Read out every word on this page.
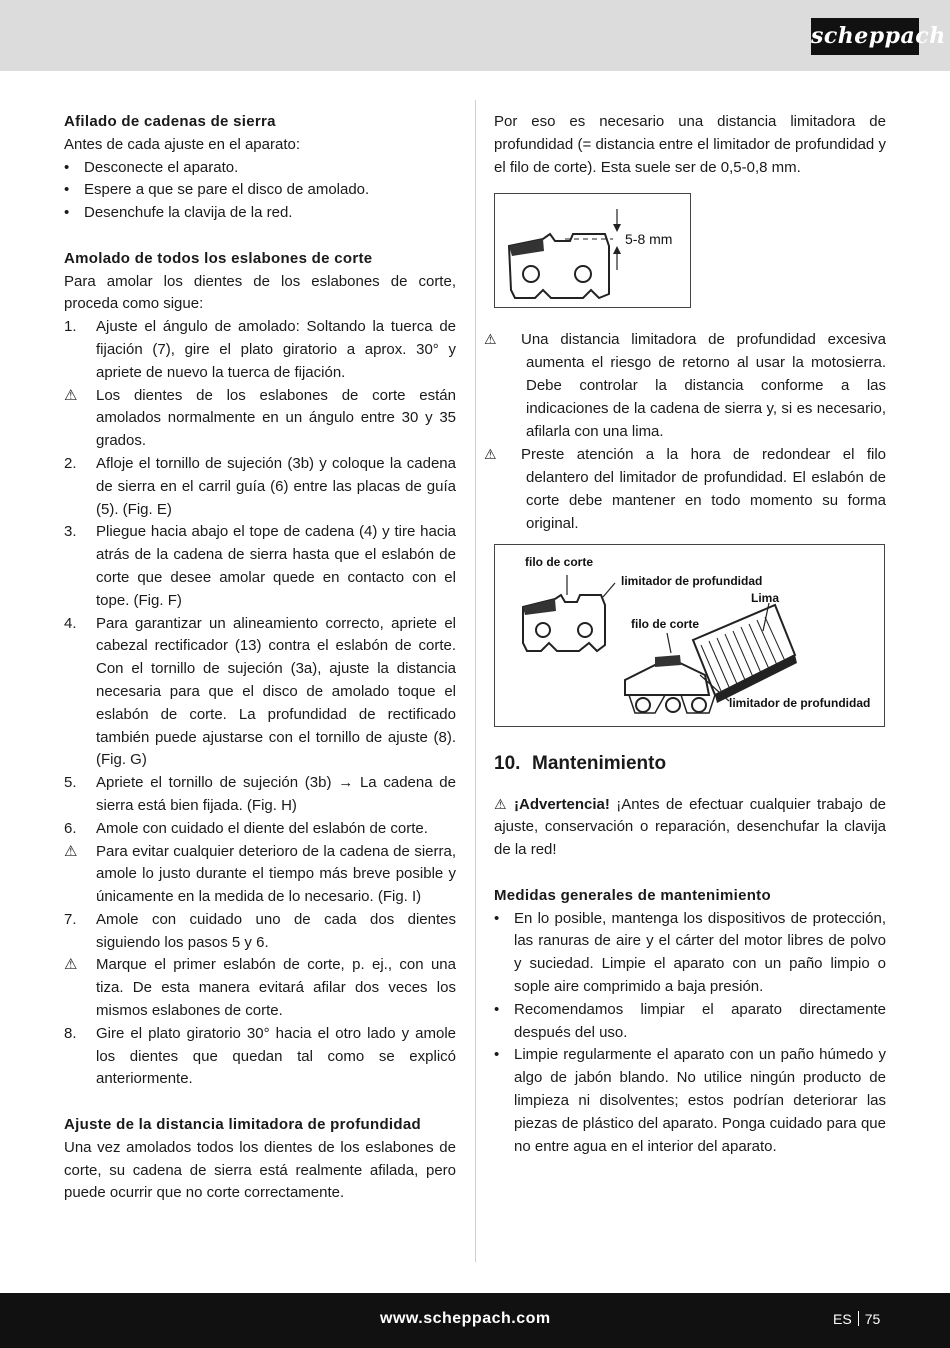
scheppach
Afilado de cadenas de sierra
Antes de cada ajuste en el aparato:
• Desconecte el aparato.
• Espere a que se pare el disco de amolado.
• Desenchufe la clavija de la red.
Amolado de todos los eslabones de corte
Para amolar los dientes de los eslabones de corte, proceda como sigue:
1. Ajuste el ángulo de amolado: Soltando la tuerca de fijación (7), gire el plato giratorio a aprox. 30° y apriete de nuevo la tuerca de fijación.
⚠ Los dientes de los eslabones de corte están amolados normalmente en un ángulo entre 30 y 35 grados.
2. Afloje el tornillo de sujeción (3b) y coloque la cadena de sierra en el carril guía (6) entre las placas de guía (5). (Fig. E)
3. Pliegue hacia abajo el tope de cadena (4) y tire hacia atrás de la cadena de sierra hasta que el eslabón de corte que desee amolar quede en contacto con el tope. (Fig. F)
4. Para garantizar un alineamiento correcto, apriete el cabezal rectificador (13) contra el eslabón de corte. Con el tornillo de sujeción (3a), ajuste la distancia necesaria para que el disco de amolado toque el eslabón de corte. La profundidad de rectificado también puede ajustarse con el tornillo de ajuste (8). (Fig. G)
5. Apriete el tornillo de sujeción (3b) → La cadena de sierra está bien fijada. (Fig. H)
6. Amole con cuidado el diente del eslabón de corte.
⚠ Para evitar cualquier deterioro de la cadena de sierra, amole lo justo durante el tiempo más breve posible y únicamente en la medida de lo necesario. (Fig. I)
7. Amole con cuidado uno de cada dos dientes siguiendo los pasos 5 y 6.
⚠ Marque el primer eslabón de corte, p. ej., con una tiza. De esta manera evitará afilar dos veces los mismos eslabones de corte.
8. Gire el plato giratorio 30° hacia el otro lado y amole los dientes que quedan tal como se explicó anteriormente.
Ajuste de la distancia limitadora de profundidad
Una vez amolados todos los dientes de los eslabones de corte, su cadena de sierra está realmente afilada, pero puede ocurrir que no corte correctamente.
Por eso es necesario una distancia limitadora de profundidad (= distancia entre el limitador de profundidad y el filo de corte). Esta suele ser de 0,5-0,8 mm.
5-8 mm
⚠ Una distancia limitadora de profundidad excesiva aumenta el riesgo de retorno al usar la motosierra. Debe controlar la distancia conforme a las indicaciones de la cadena de sierra y, si es necesario, afilarla con una lima.
⚠ Preste atención a la hora de redondear el filo delantero del limitador de profundidad. El eslabón de corte debe mantener en todo momento su forma original.
filo de corte
limitador de profundidad
Lima
filo de corte
limitador de profundidad
10. Mantenimiento
⚠ ¡Advertencia! ¡Antes de efectuar cualquier trabajo de ajuste, conservación o reparación, desenchufar la clavija de la red!
Medidas generales de mantenimiento
• En lo posible, mantenga los dispositivos de protección, las ranuras de aire y el cárter del motor libres de polvo y suciedad. Limpie el aparato con un paño limpio o sople aire comprimido a baja presión.
• Recomendamos limpiar el aparato directamente después del uso.
• Limpie regularmente el aparato con un paño húmedo y algo de jabón blando. No utilice ningún producto de limpieza ni disolventes; estos podrían deteriorar las piezas de plástico del aparato. Ponga cuidado para que no entre agua en el interior del aparato.
www.scheppach.com	ES 75
